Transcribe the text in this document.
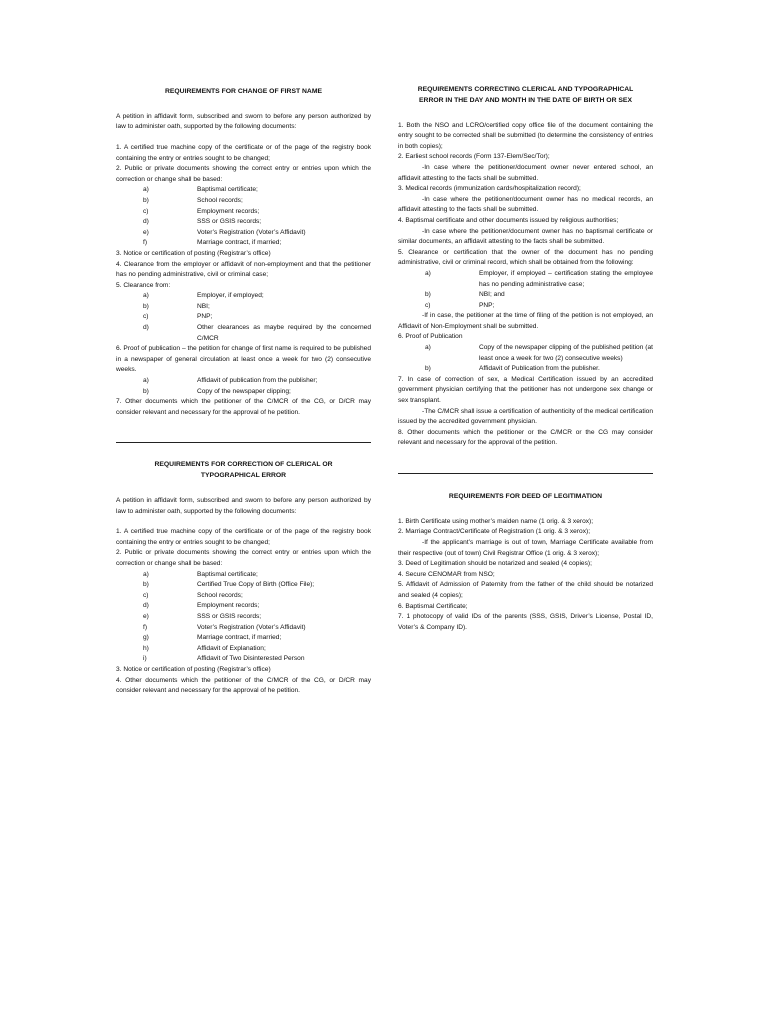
REQUIREMENTS FOR CHANGE OF FIRST NAME
A petition in affidavit form, subscribed and sworn to before any person authorized by law to administer oath, supported by the following documents:
1. A certified true machine copy of the certificate or of the page of the registry book containing the entry or entries sought to be changed;
2. Public or private documents showing the correct entry or entries upon which the correction or change shall be based:
a)	Baptismal certificate;
b)	School records;
c)	Employment records;
d)	SSS or GSIS records;
e)	Voter’s Registration (Voter’s Affidavit)
f)	Marriage contract, if married;
3. Notice or certification of posting (Registrar’s office)
4. Clearance from the employer or affidavit of non-employment and that the petitioner has no pending administrative, civil or criminal case;
5. Clearance from:
a)	Employer, if employed;
b)	NBI;
c)	PNP;
d)	Other clearances as maybe required by the concerned C/MCR
6. Proof of publication – the petition for change of first name is required to be published in a newspaper of general circulation at least once a week for two (2) consecutive weeks.
a)	Affidavit of publication from the publisher;
b)	Copy of the newspaper clipping;
7. Other documents which the petitioner of the C/MCR of the CG, or D/CR may consider relevant and necessary for the approval of he petition.
REQUIREMENTS FOR CORRECTION OF CLERICAL OR TYPOGRAPHICAL ERROR
A petition in affidavit form, subscribed and sworn to before any person authorized by law to administer oath, supported by the following documents:
1. A certified true machine copy of the certificate or of the page of the registry book containing the entry or entries sought to be changed;
2. Public or private documents showing the correct entry or entries upon which the correction or change shall be based:
a)	Baptismal certificate;
b)	Certified True Copy of Birth (Office File);
c)	School records;
d)	Employment records;
e)	SSS or GSIS records;
f)	Voter’s Registration (Voter’s Affidavit)
g)	Marriage contract, if married;
h)	Affidavit of Explanation;
i)	Affidavit of Two Disinterested Person
3. Notice or certification of posting (Registrar’s office)
4. Other documents which the petitioner of the C/MCR of the CG, or D/CR may consider relevant and necessary for the approval of he petition.
REQUIREMENTS CORRECTING CLERICAL AND TYPOGRAPHICAL ERROR IN THE DAY AND MONTH IN THE DATE OF BIRTH OR SEX
1. Both the NSO and LCRO/certified copy office file of the document containing the entry sought to be corrected shall be submitted (to determine the consistency of entries in both copies);
2. Earliest school records (Form 137-Elem/Sec/Tor);
-In case where the petitioner/document owner never entered school, an affidavit attesting to the facts shall be submitted.
3. Medical records (immunization cards/hospitalization record);
-In case where the petitioner/document owner has no medical records, an affidavit attesting to the facts shall be submitted.
4. Baptismal certificate and other documents issued by religious authorities;
-In case where the petitioner/document owner has no baptismal certificate or similar documents, an affidavit attesting to the facts shall be submitted.
5. Clearance or certification that the owner of the document has no pending administrative, civil or criminal record, which shall be obtained from the following:
a)	Employer, if employed – certification stating the employee has no pending administrative case;
b)	NBI; and
c)	PNP;
-If in case, the petitioner at the time of filing of the petition is not employed, an Affidavit of Non-Employment shall be submitted.
6. Proof of Publication
a)	Copy of the newspaper clipping of the published petition (at least once a week for two (2) consecutive weeks)
b)	Affidavit of Publication from the publisher.
7. In case of correction of sex, a Medical Certification issued by an accredited government physician certifying that the petitioner has not undergone sex change or sex transplant.
-The C/MCR shall issue a certification of authenticity of the medical certification issued by the accredited government physician.
8. Other documents which the petitioner or the C/MCR or the CG may consider relevant and necessary for the approval of the petition.
REQUIREMENTS FOR DEED OF LEGITIMATION
1. Birth Certificate using mother’s maiden name (1 orig. & 3 xerox);
2. Marriage Contract/Certificate of Registration (1 orig. & 3 xerox);
-If the applicant’s marriage is out of town, Marriage Certificate available from their respective (out of town) Civil Registrar Office (1 orig. & 3 xerox);
3. Deed of Legitimation should be notarized and sealed (4 copies);
4. Secure CENOMAR from NSO;
5. Affidavit of Admission of Paternity from the father of the child should be notarized and sealed (4 copies);
6. Baptismal Certificate;
7. 1 photocopy of valid IDs of the parents (SSS, GSIS, Driver’s License, Postal ID, Voter’s & Company ID).
